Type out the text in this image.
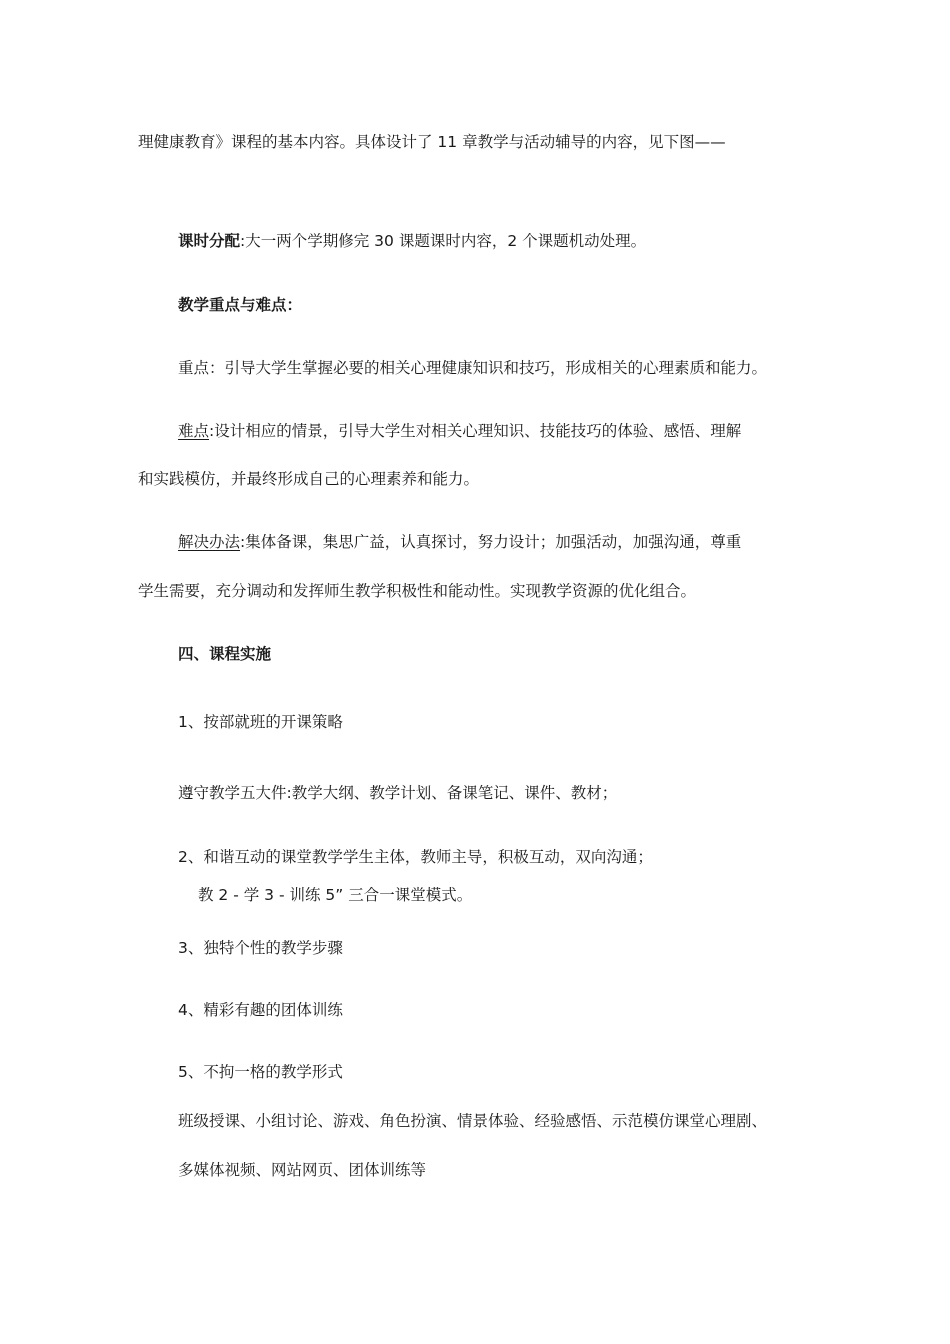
理健康教育》课程的基本内容。具体设计了 11 章教学与活动辅导的内容，见下图——
课时分配:大一两个学期修完 30 课题课时内容，2 个课题机动处理。
教学重点与难点：
重点：引导大学生掌握必要的相关心理健康知识和技巧，形成相关的心理素质和能力。
难点:设计相应的情景，引导大学生对相关心理知识、技能技巧的体验、感悟、理解
和实践模仿，并最终形成自己的心理素养和能力。
解决办法:集体备课，集思广益，认真探讨，努力设计；加强活动，加强沟通，尊重
学生需要，充分调动和发挥师生教学积极性和能动性。实现教学资源的优化组合。
四、课程实施
1、按部就班的开课策略
遵守教学五大件:教学大纲、教学计划、备课笔记、课件、教材；
2、和谐互动的课堂教学学生主体，教师主导，积极互动，双向沟通；
教 2 - 学 3 - 训练 5” 三合一课堂模式。
3、独特个性的教学步骤
4、精彩有趣的团体训练
5、不拘一格的教学形式
班级授课、小组讨论、游戏、角色扮演、情景体验、经验感悟、示范模仿课堂心理剧、
多媒体视频、网站网页、团体训练等
